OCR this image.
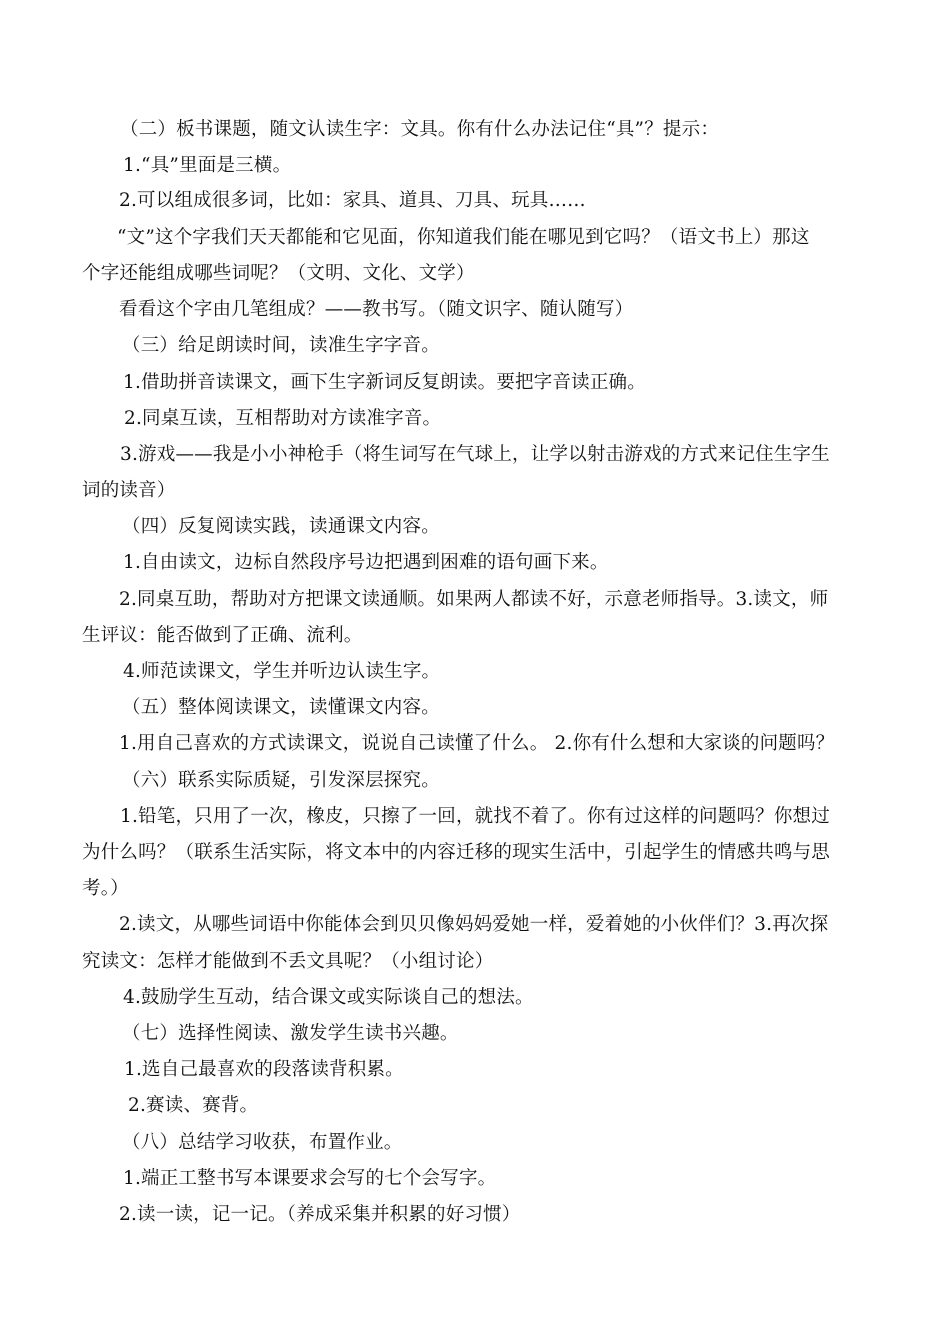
（二）板书课题，随文认读生字：文具。你有什么办法记住“具”？提示：
1.“具”里面是三横。
2.可以组成很多词，比如：家具、道具、刀具、玩具……
“文”这个字我们天天都能和它见面，你知道我们能在哪见到它吗？（语文书上）那这
个字还能组成哪些词呢？（文明、文化、文学）
看看这个字由几笔组成？——教书写。（随文识字、随认随写）
（三）给足朗读时间，读准生字字音。
1.借助拼音读课文，画下生字新词反复朗读。要把字音读正确。
2.同桌互读，互相帮助对方读准字音。
3.游戏——我是小小神枪手（将生词写在气球上，让学以射击游戏的方式来记住生字生
词的读音）
（四）反复阅读实践，读通课文内容。
1.自由读文，边标自然段序号边把遇到困难的语句画下来。
2.同桌互助，帮助对方把课文读通顺。如果两人都读不好，示意老师指导。3.读文，师
生评议：能否做到了正确、流利。
4.师范读课文，学生并听边认读生字。
（五）整体阅读课文，读懂课文内容。
1.用自己喜欢的方式读课文，说说自己读懂了什么。 2.你有什么想和大家谈的问题吗？
（六）联系实际质疑，引发深层探究。
1.铅笔，只用了一次，橡皮，只擦了一回，就找不着了。你有过这样的问题吗？你想过
为什么吗？（联系生活实际，将文本中的内容迁移的现实生活中，引起学生的情感共鸣与思
考。）
2.读文，从哪些词语中你能体会到贝贝像妈妈爱她一样，爱着她的小伙伴们？3.再次探
究读文：怎样才能做到不丢文具呢？（小组讨论）
4.鼓励学生互动，结合课文或实际谈自己的想法。
（七）选择性阅读、激发学生读书兴趣。
1.选自己最喜欢的段落读背积累。
2.赛读、赛背。
（八）总结学习收获，布置作业。
1.端正工整书写本课要求会写的七个会写字。
2.读一读，记一记。（养成采集并积累的好习惯）
